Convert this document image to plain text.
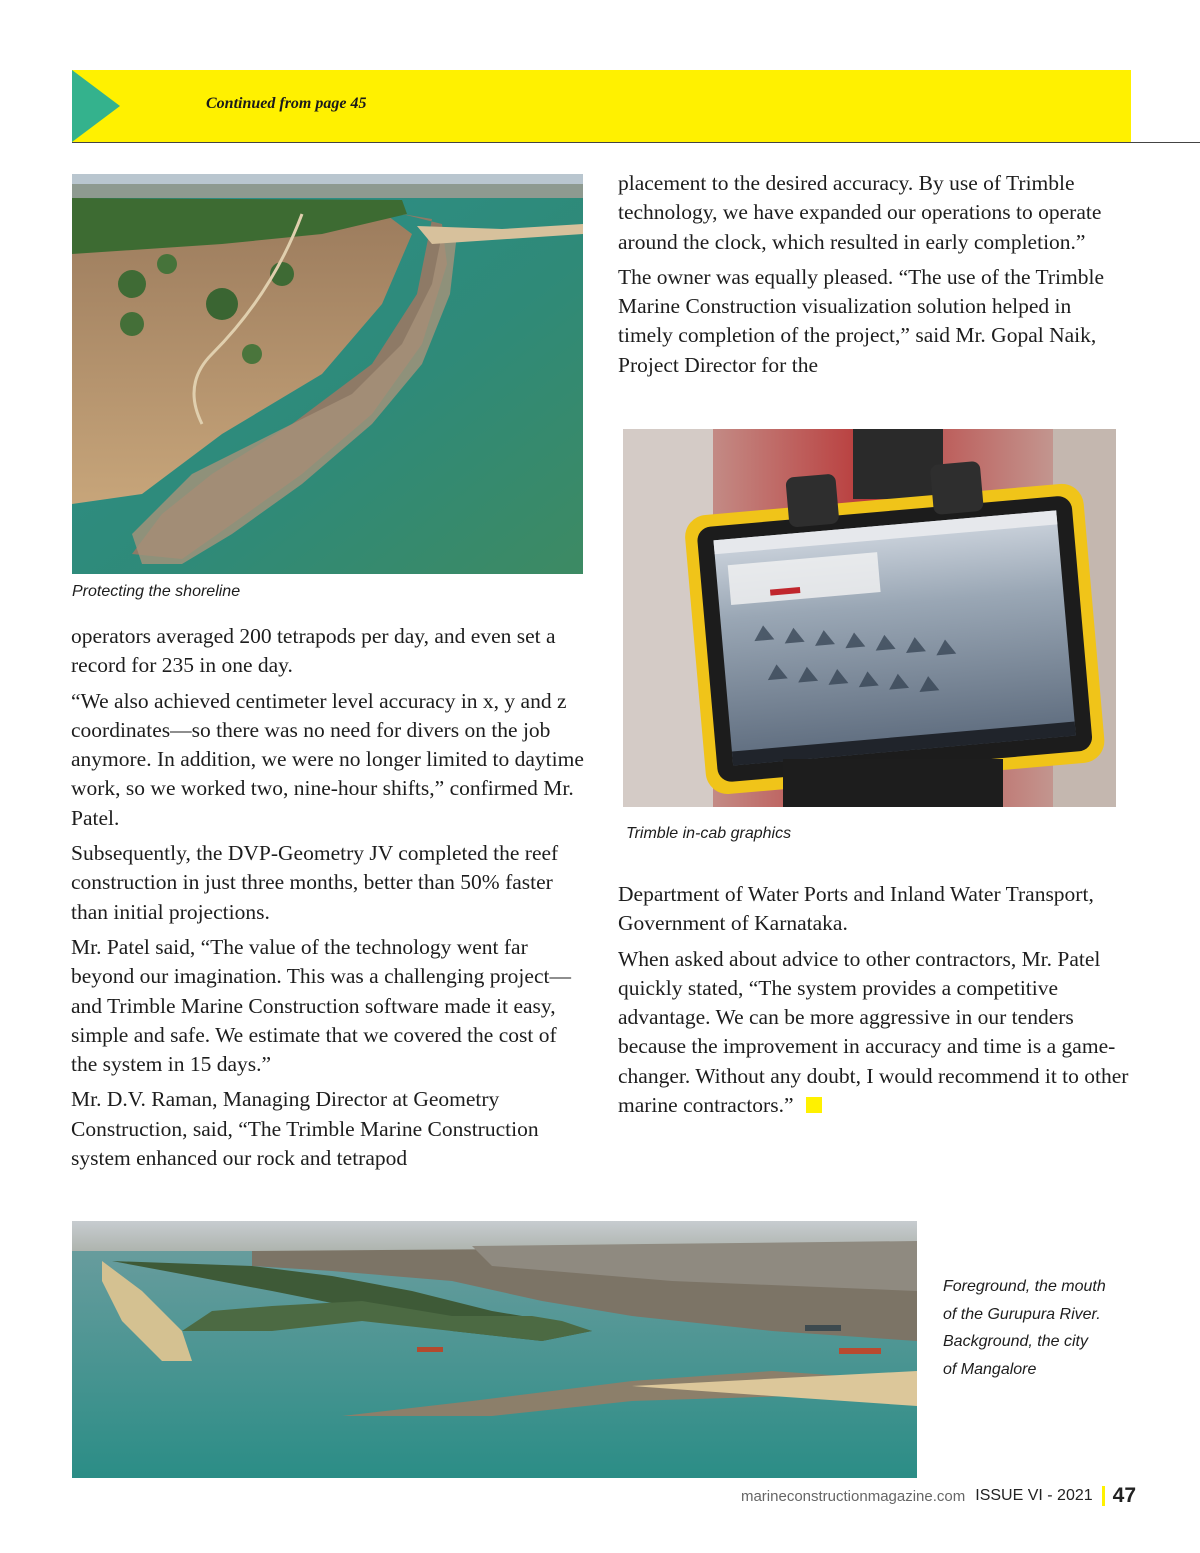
Continued from page 45
Protecting the shoreline

operators averaged 200 tetrapods per day, and even set a record for 235 in one day.

“We also achieved centimeter level accuracy in x, y and z coordinates—so there was no need for divers on the job anymore. In addition, we were no longer limited to daytime work, so we worked two, nine-hour shifts,” confirmed Mr. Patel.

Subsequently, the DVP-Geometry JV completed the reef construction in just three months, better than 50% faster than initial projections.

Mr. Patel said, “The value of the technology went far beyond our imagination. This was a challenging project—and Trimble Marine Construction software made it easy, simple and safe. We estimate that we covered the cost of the system in 15 days.”

Mr. D.V. Raman, Managing Director at Geometry Construction, said, “The Trimble Marine Construction system enhanced our rock and tetrapod

placement to the desired accuracy. By use of Trimble technology, we have expanded our operations to operate around the clock, which resulted in early completion.”

The owner was equally pleased. “The use of the Trimble Marine Construction visualization solution helped in timely completion of the project,” said Mr. Gopal Naik, Project Director for the

Trimble in-cab graphics

Department of Water Ports and Inland Water Transport, Government of Karnataka.

When asked about advice to other contractors, Mr. Patel quickly stated, “The system provides a competitive advantage. We can be more aggressive in our tenders because the improvement in accuracy and time is a game-changer. Without any doubt, I would recommend it to other marine contractors.”

Foreground, the mouth
of the Gurupura River.
Background, the city
of Mangalore
marineconstructionmagazine.com ISSUE VI - 2021 47
